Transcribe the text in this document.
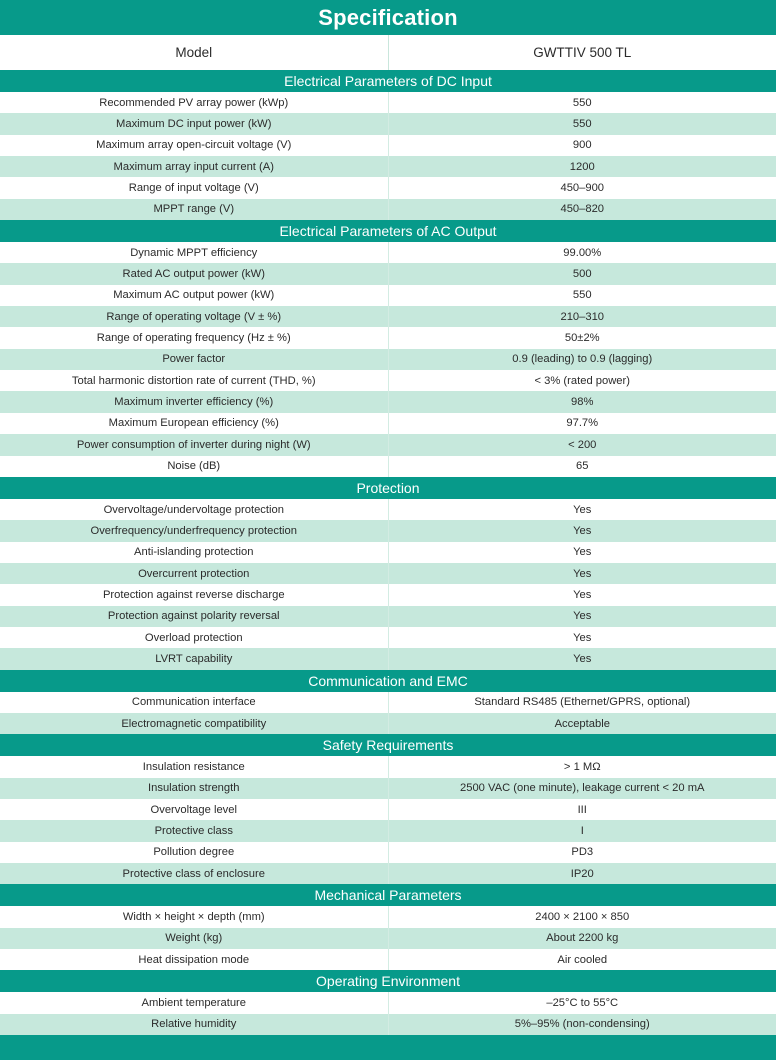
Specification
Model	GWTTIV 500 TL
Electrical Parameters of DC Input
Recommended PV array power (kWp)	550
Maximum DC input power (kW)	550
Maximum array open-circuit voltage (V)	900
Maximum array input current (A)	1200
Range of input voltage (V)	450–900
MPPT range (V)	450–820
Electrical Parameters of AC Output
Dynamic MPPT efficiency	99.00%
Rated AC output power (kW)	500
Maximum AC output power (kW)	550
Range of operating voltage (V ± %)	210–310
Range of operating frequency (Hz ± %)	50±2%
Power factor	0.9 (leading) to 0.9 (lagging)
Total harmonic distortion rate of current (THD, %)	< 3% (rated power)
Maximum inverter efficiency (%)	98%
Maximum European efficiency (%)	97.7%
Power consumption of inverter during night (W)	< 200
Noise (dB)	65
Protection
Overvoltage/undervoltage protection	Yes
Overfrequency/underfrequency protection	Yes
Anti-islanding protection	Yes
Overcurrent protection	Yes
Protection against reverse discharge	Yes
Protection against polarity reversal	Yes
Overload protection	Yes
LVRT capability	Yes
Communication and EMC
Communication interface	Standard RS485 (Ethernet/GPRS, optional)
Electromagnetic compatibility	Acceptable
Safety Requirements
Insulation resistance	> 1 MΩ
Insulation strength	2500 VAC (one minute), leakage current < 20 mA
Overvoltage level	III
Protective class	I
Pollution degree	PD3
Protective class of enclosure	IP20
Mechanical Parameters
Width × height × depth (mm)	2400 × 2100 × 850
Weight (kg)	About 2200 kg
Heat dissipation mode	Air cooled
Operating Environment
Ambient temperature	–25°C to 55°C
Relative humidity	5%–95% (non-condensing)
